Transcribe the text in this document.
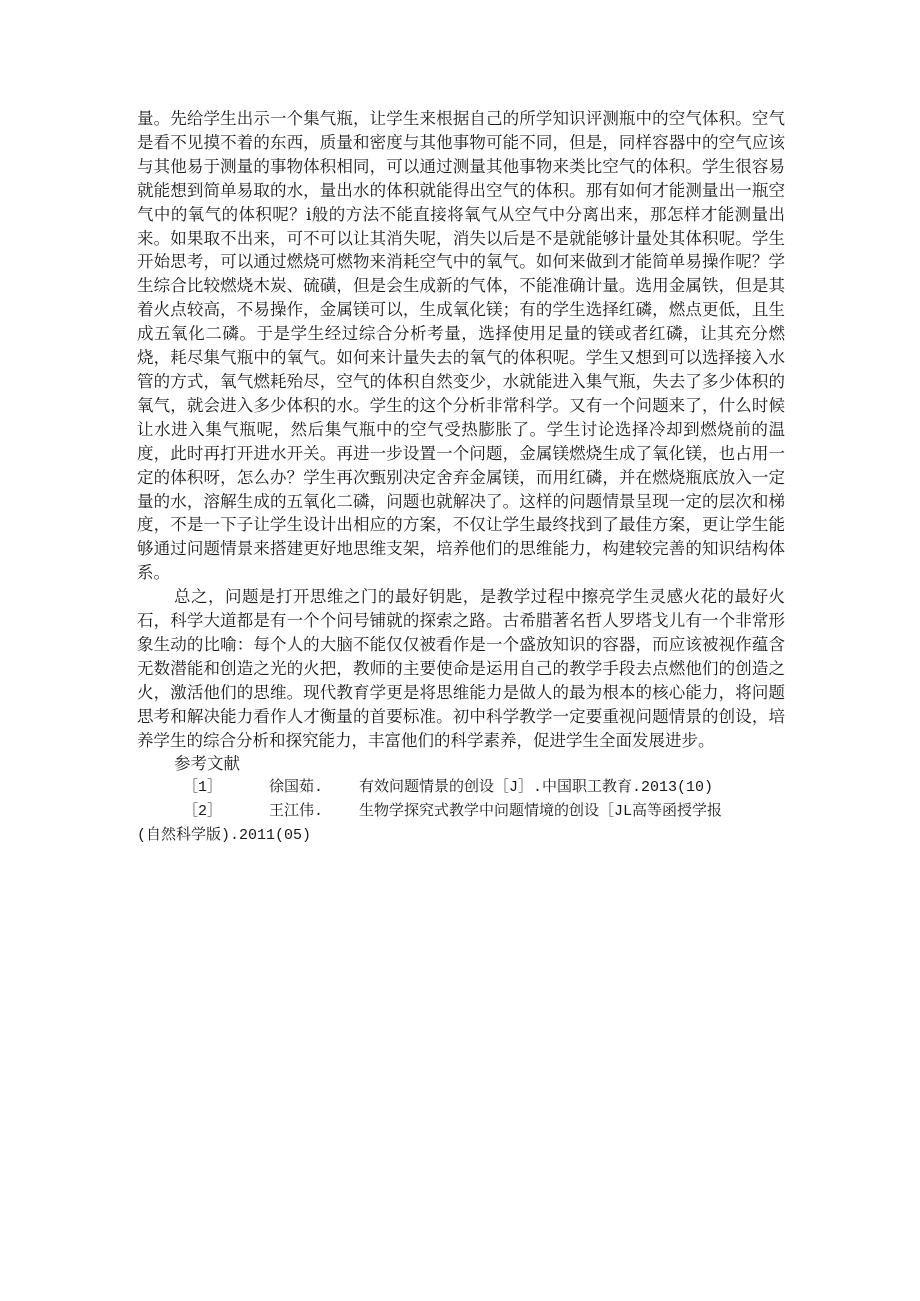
量。先给学生出示一个集气瓶，让学生来根据自己的所学知识评测瓶中的空气体积。空气是看不见摸不着的东西，质量和密度与其他事物可能不同，但是，同样容器中的空气应该与其他易于测量的事物体积相同，可以通过测量其他事物来类比空气的体积。学生很容易就能想到简单易取的水，量出水的体积就能得出空气的体积。那有如何才能测量出一瓶空气中的氧气的体积呢？i般的方法不能直接将氧气从空气中分离出来，那怎样才能测量出来。如果取不出来，可不可以让其消失呢，消失以后是不是就能够计量处其体积呢。学生开始思考，可以通过燃烧可燃物来消耗空气中的氧气。如何来做到才能简单易操作呢？学生综合比较燃烧木炭、硫磺，但是会生成新的气体，不能准确计量。选用金属铁，但是其着火点较高，不易操作，金属镁可以，生成氧化镁；有的学生选择红磷，燃点更低，且生成五氧化二磷。于是学生经过综合分析考量，选择使用足量的镁或者红磷，让其充分燃烧，耗尽集气瓶中的氧气。如何来计量失去的氧气的体积呢。学生又想到可以选择接入水管的方式，氧气燃耗殆尽，空气的体积自然变少，水就能进入集气瓶，失去了多少体积的氧气，就会进入多少体积的水。学生的这个分析非常科学。又有一个问题来了，什么时候让水进入集气瓶呢，然后集气瓶中的空气受热膨胀了。学生讨论选择冷却到燃烧前的温度，此时再打开进水开关。再进一步设置一个问题，金属镁燃烧生成了氧化镁，也占用一定的体积呀，怎么办？学生再次甄别决定舍弃金属镁，而用红磷，并在燃烧瓶底放入一定量的水，溶解生成的五氧化二磷，问题也就解决了。这样的问题情景呈现一定的层次和梯度，不是一下子让学生设计出相应的方案，不仅让学生最终找到了最佳方案，更让学生能够通过问题情景来搭建更好地思维支架，培养他们的思维能力，构建较完善的知识结构体系。

总之，问题是打开思维之门的最好钥匙，是教学过程中擦亮学生灵感火花的最好火石，科学大道都是有一个个问号铺就的探索之路。古希腊著名哲人罗塔戈儿有一个非常形象生动的比喻：每个人的大脑不能仅仅被看作是一个盛放知识的容器，而应该被视作蕴含无数潜能和创造之光的火把，教师的主要使命是运用自己的教学手段去点燃他们的创造之火，激活他们的思维。现代教育学更是将思维能力是做人的最为根本的核心能力，将问题思考和解决能力看作人才衡量的首要标准。初中科学教学一定要重视问题情景的创设，培养学生的综合分析和探究能力，丰富他们的科学素养，促进学生全面发展进步。

参考文献

［1］	徐国茹. 有效问题情景的创设［J］.中国职工教育.2013(10)

［2］	王江伟. 生物学探究式教学中问题情境的创设［JL高等函授学报

(自然科学版).2011(05)
